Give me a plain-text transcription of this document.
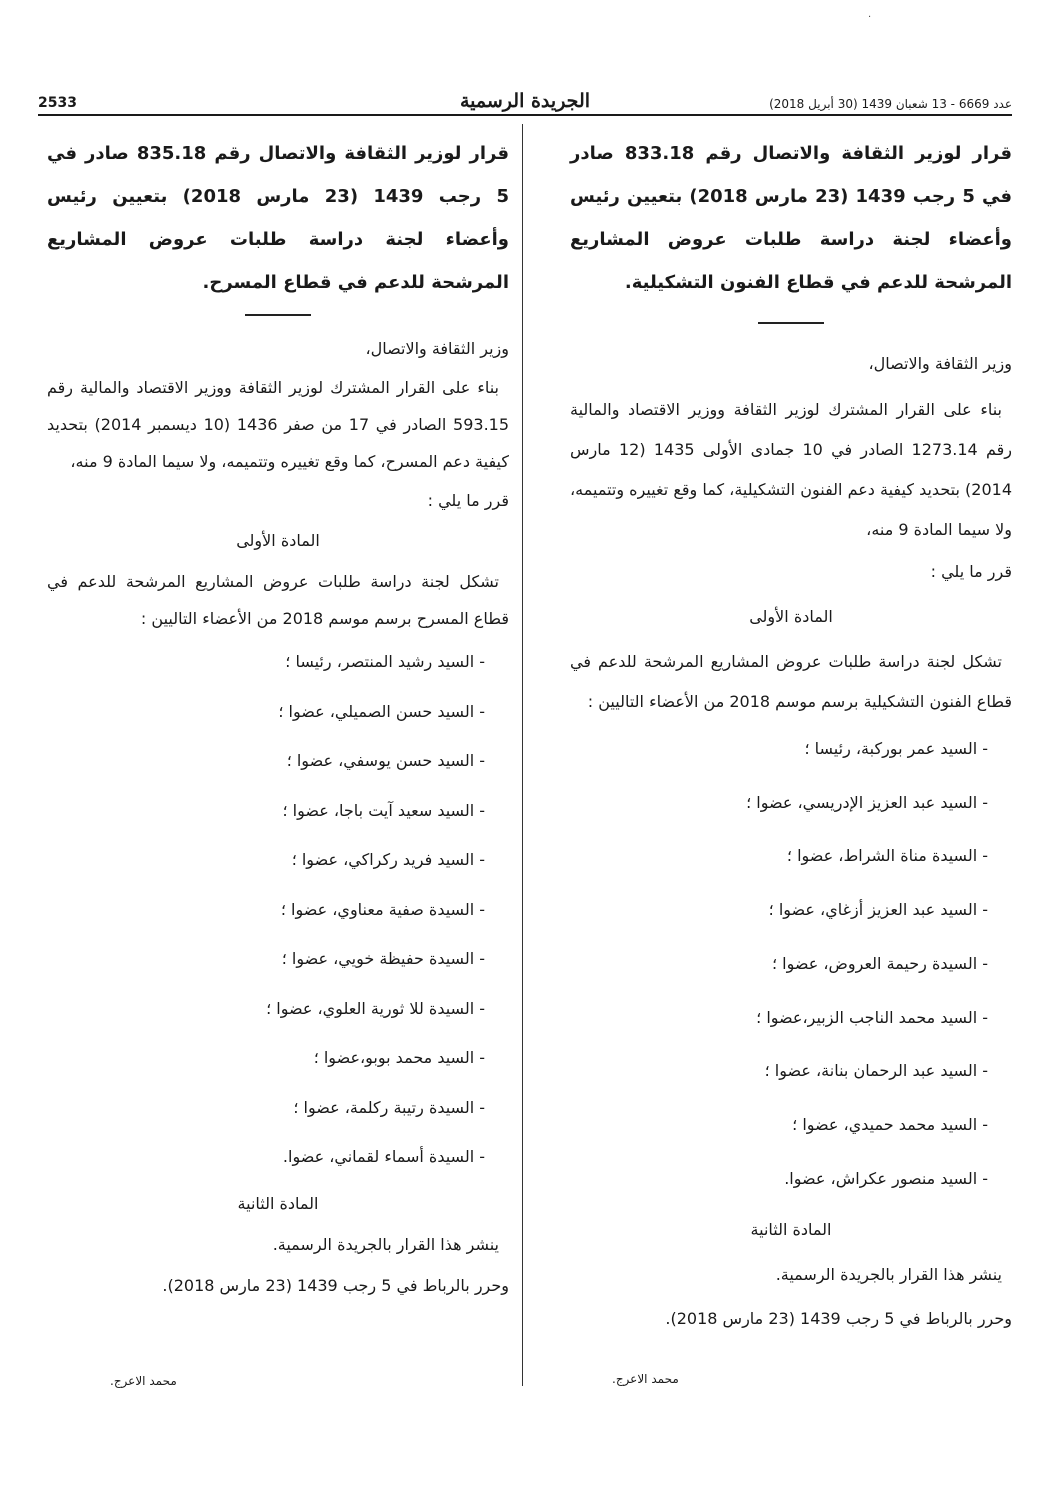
·
2533	الجريدة الرسمية	عدد 6669 - 13 شعبان 1439 (30 أبريل 2018)

قرار لوزير الثقافة والاتصال رقم 833.18 صادر في 5 رجب 1439 (23 مارس 2018) بتعيين رئيس وأعضاء لجنة دراسة طلبات عروض المشاريع المرشحة للدعم في قطاع الفنون التشكيلية.

وزير الثقافة والاتصال،

بناء على القرار المشترك لوزير الثقافة ووزير الاقتصاد والمالية رقم 1273.14 الصادر في 10 جمادى الأولى 1435 (12 مارس 2014) بتحديد كيفية دعم الفنون التشكيلية، كما وقع تغييره وتتميمه، ولا سيما المادة 9 منه،

قرر ما يلي :

المادة الأولى

تشكل لجنة دراسة طلبات عروض المشاريع المرشحة للدعم في قطاع الفنون التشكيلية برسم موسم 2018 من الأعضاء التاليين :

- السيد عمر بوركبة، رئيسا ؛
- السيد عبد العزيز الإدريسي، عضوا ؛
- السيدة مناة الشراط، عضوا ؛
- السيد عبد العزيز أزغاي، عضوا ؛
- السيدة رحيمة العروض، عضوا ؛
- السيد محمد الناجب الزبير،عضوا ؛
- السيد عبد الرحمان بنانة، عضوا ؛
- السيد محمد حميدي، عضوا ؛
- السيد منصور عكراش، عضوا.

المادة الثانية

ينشر هذا القرار بالجريدة الرسمية.

وحرر بالرباط في 5 رجب 1439 (23 مارس 2018).

محمد الاعرج.

قرار لوزير الثقافة والاتصال رقم 835.18 صادر في 5 رجب 1439 (23 مارس 2018) بتعيين رئيس وأعضاء لجنة دراسة طلبات عروض المشاريع المرشحة للدعم في قطاع المسرح.

وزير الثقافة والاتصال،

بناء على القرار المشترك لوزير الثقافة ووزير الاقتصاد والمالية رقم 593.15 الصادر في 17 من صفر 1436 (10 ديسمبر 2014) بتحديد كيفية دعم المسرح، كما وقع تغييره وتتميمه، ولا سيما المادة 9 منه،

قرر ما يلي :

المادة الأولى

تشكل لجنة دراسة طلبات عروض المشاريع المرشحة للدعم في قطاع المسرح برسم موسم 2018 من الأعضاء التاليين :

- السيد رشيد المنتصر، رئيسا ؛
- السيد حسن الصميلي، عضوا ؛
- السيد حسن يوسفي، عضوا ؛
- السيد سعيد آيت باجا، عضوا ؛
- السيد فريد ركراكي، عضوا ؛
- السيدة صفية معناوي، عضوا ؛
- السيدة حفيظة خويي، عضوا ؛
- السيدة للا ثورية العلوي، عضوا ؛
- السيد محمد بوبو،عضوا ؛
- السيدة رتيبة ركلمة، عضوا ؛
- السيدة أسماء لقماني، عضوا.

المادة الثانية

ينشر هذا القرار بالجريدة الرسمية.

وحرر بالرباط في 5 رجب 1439 (23 مارس 2018).

محمد الاعرج.
